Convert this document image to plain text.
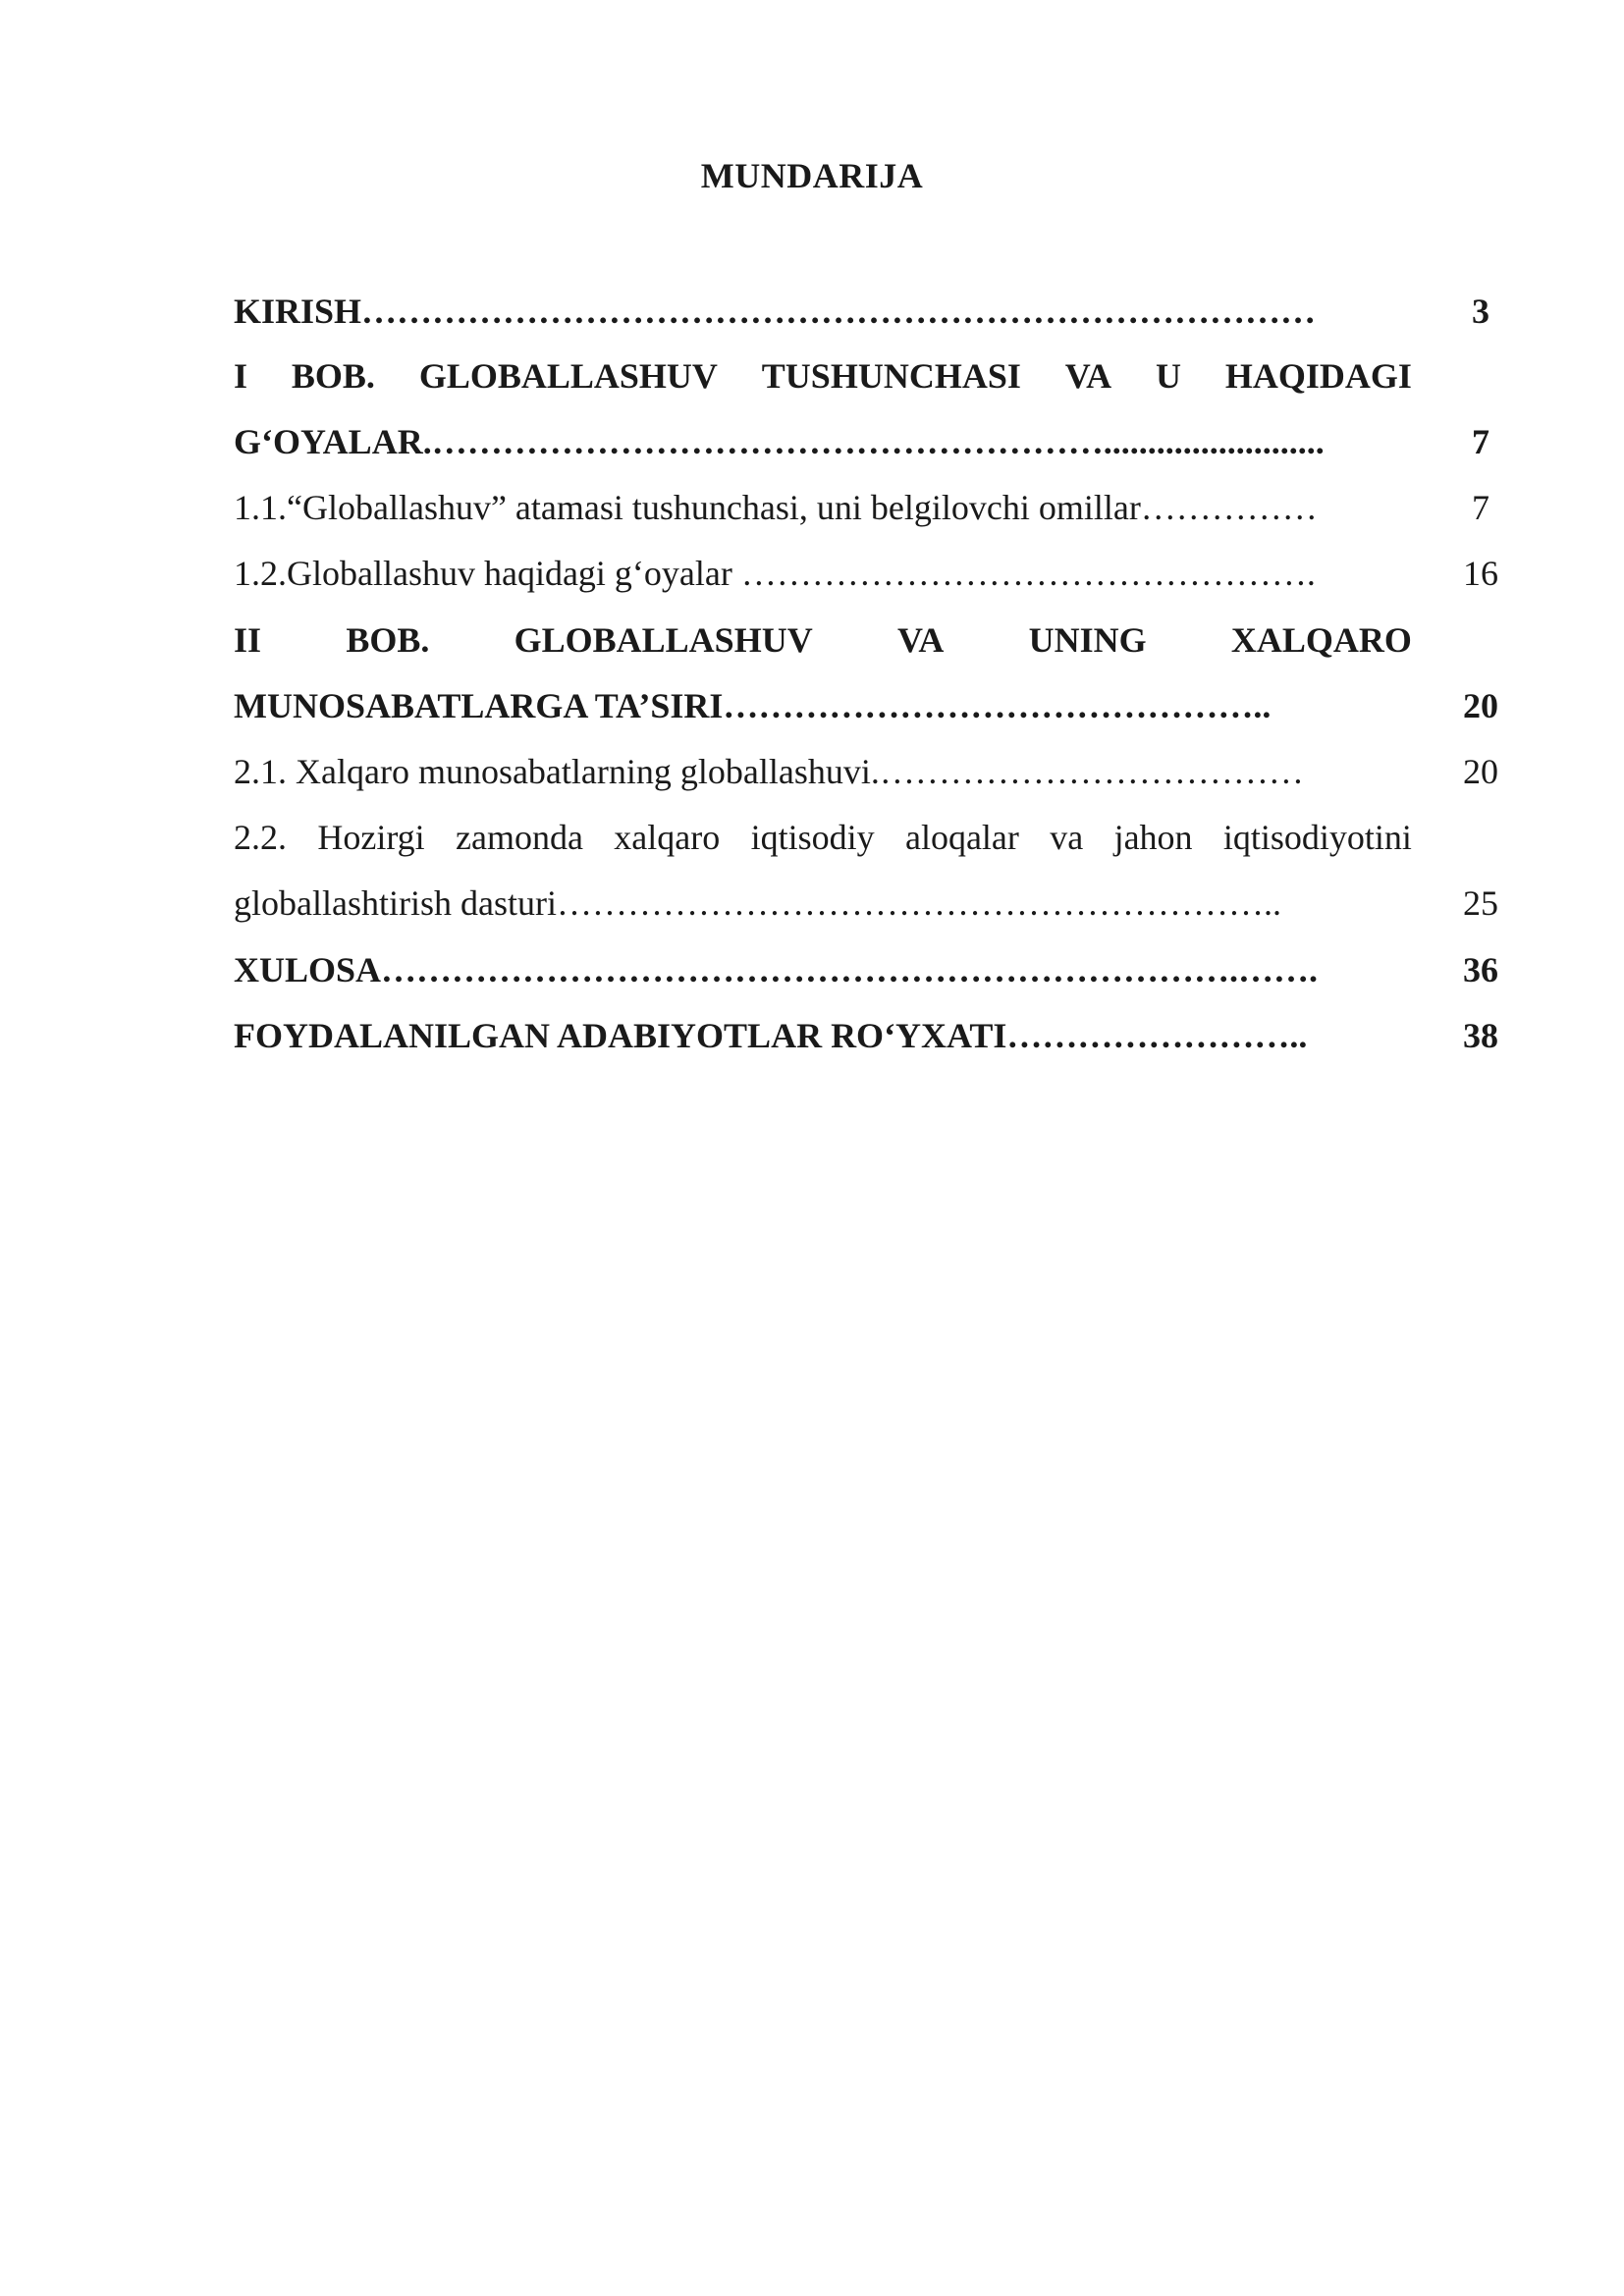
MUNDARIJA
KIRISH………………………………………………………………………	3
I BOB. GLOBALLASHUV TUSHUNCHASI VA U HAQIDAGI
G‘OYALAR.………………………………………………….........................	7
1.1.“Globallashuv” atamasi tushunchasi, uni belgilovchi omillar……………	7
1.2.Globallashuv haqidagi g‘oyalar ………………………………………….	16
II BOB. GLOBALLASHUV VA UNING XALQARO
MUNOSABATLARGA TA’SIRI………………………………………..	20
2.1. Xalqaro munosabatlarning globallashuvi.………………………………	20
2.2. Hozirgi zamonda xalqaro iqtisodiy aloqalar va jahon iqtisodiyotini
globallashtirish dasturi……………………………………………………..	25
XULOSA……………………………………………………………….…….	36
FOYDALANILGAN ADABIYOTLAR RO‘YXATI……………………..	38
